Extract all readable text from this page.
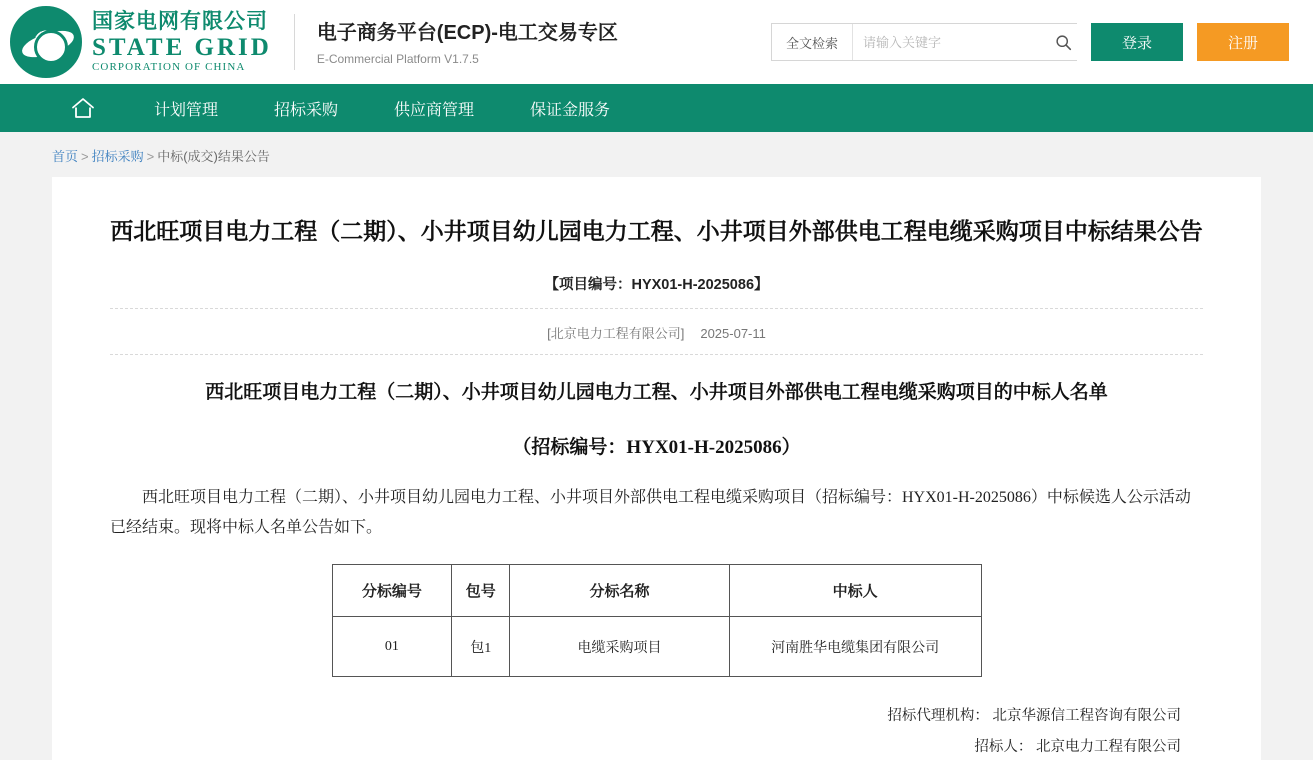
国家电网有限公司
STATE GRID
CORPORATION OF CHINA
电子商务平台(ECP)-电工交易专区
E-Commercial Platform V1.7.5
全文检索
请输入关键字	登录	注册
计划管理	招标采购	供应商管理	保证金服务
首页 > 招标采购 > 中标(成交)结果公告
西北旺项目电力工程（二期）、小井项目幼儿园电力工程、小井项目外部供电工程电缆采购项目中标结果公告
【项目编号：HYX01-H-2025086】
[北京电力工程有限公司] 2025-07-11
西北旺项目电力工程（二期）、小井项目幼儿园电力工程、小井项目外部供电工程电缆采购项目的中标人名单
（招标编号：HYX01-H-2025086）

西北旺项目电力工程（二期）、小井项目幼儿园电力工程、小井项目外部供电工程电缆采购项目（招标编号：HYX01-H-2025086）中标候选人公示活动已经结束。现将中标人名单公告如下。

分标编号	包号	分标名称	中标人
01	包1	电缆采购项目	河南胜华电缆集团有限公司
招标代理机构： 北京华源信工程咨询有限公司
招标人： 北京电力工程有限公司
